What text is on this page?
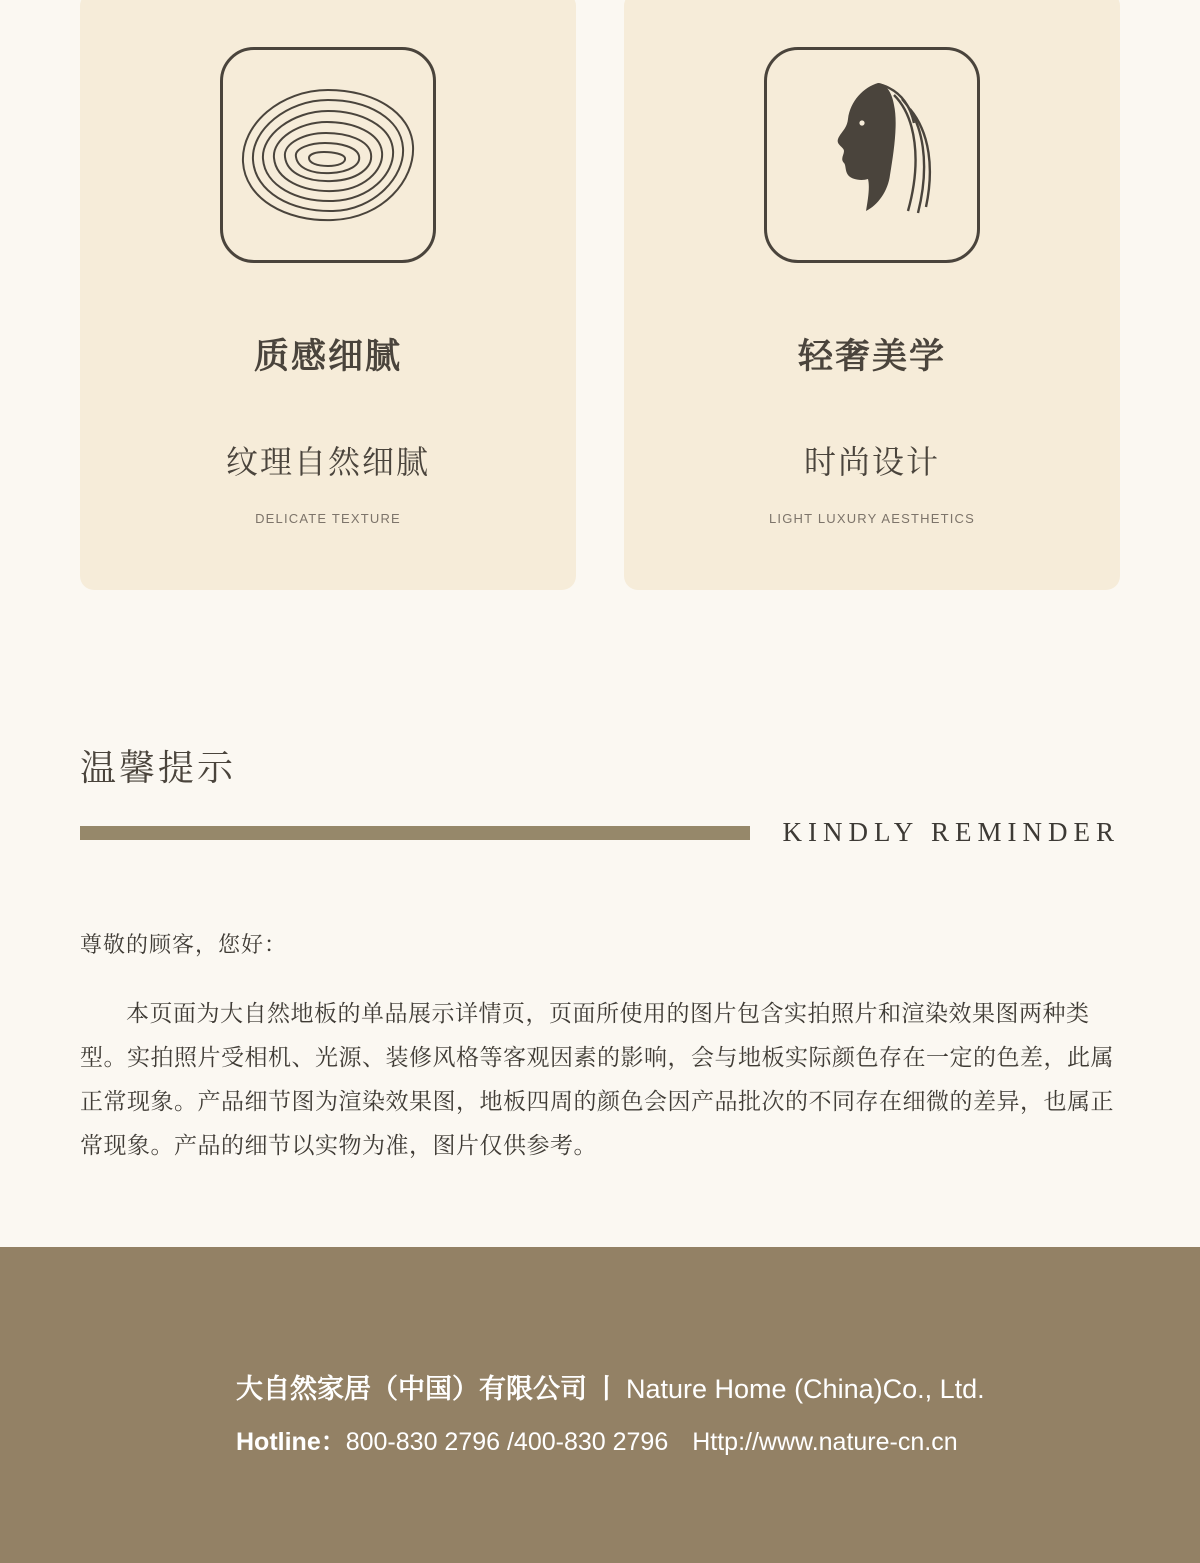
质感细腻
纹理自然细腻
DELICATE TEXTURE
轻奢美学
时尚设计
LIGHT LUXURY AESTHETICS
温馨提示
KINDLY REMINDER
尊敬的顾客，您好：

本页面为大自然地板的单品展示详情页，页面所使用的图片包含实拍照片和渲染效果图两种类型。实拍照片受相机、光源、装修风格等客观因素的影响，会与地板实际颜色存在一定的色差，此属正常现象。产品细节图为渲染效果图，地板四周的颜色会因产品批次的不同存在细微的差异，也属正常现象。产品的细节以实物为准，图片仅供参考。

大自然家居（中国）有限公司 丨 Nature Home (China)Co., Ltd.
Hotline：800-830 2796 /400-830 2796 Http://www.nature-cn.cn
